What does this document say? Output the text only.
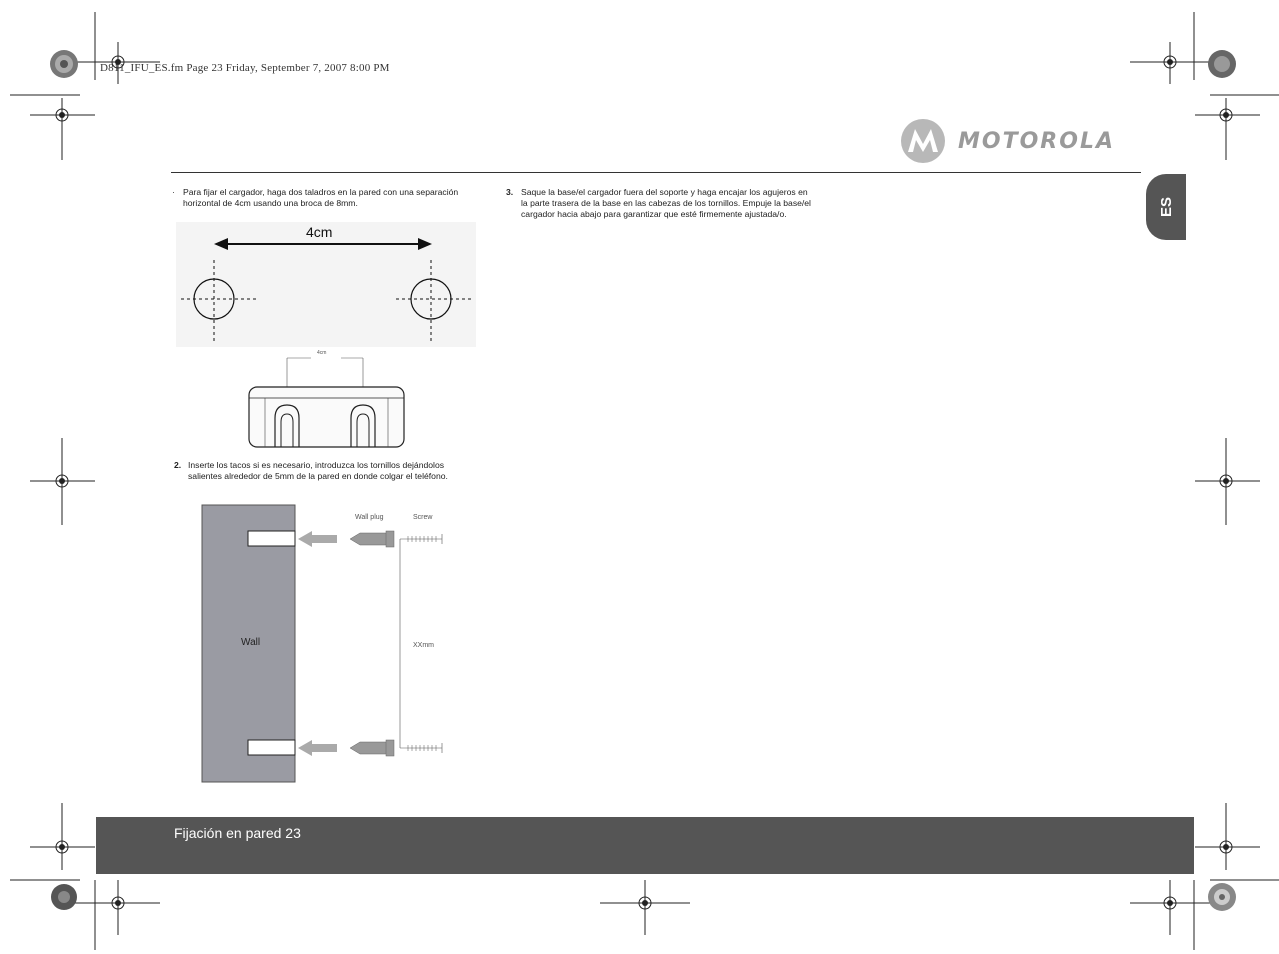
D811_IFU_ES.fm Page 23 Friday, September 7, 2007 8:00 PM
MOTOROLA
ES
· Para fijar el cargador, haga dos taladros en la pared con una separación horizontal de 4cm usando una broca de 8mm.
4cm
4cm
2. Inserte los tacos si es necesario, introduzca los tornillos dejándolos salientes alrededor de 5mm de la pared en donde colgar el teléfono.
Wall
Wall plug	Screw
XXmm
3. Saque la base/el cargador fuera del soporte y haga encajar los agujeros en la parte trasera de la base en las cabezas de los tornillos. Empuje la base/el cargador hacia abajo para garantizar que esté firmemente ajustada/o.
Fijación en pared 23
